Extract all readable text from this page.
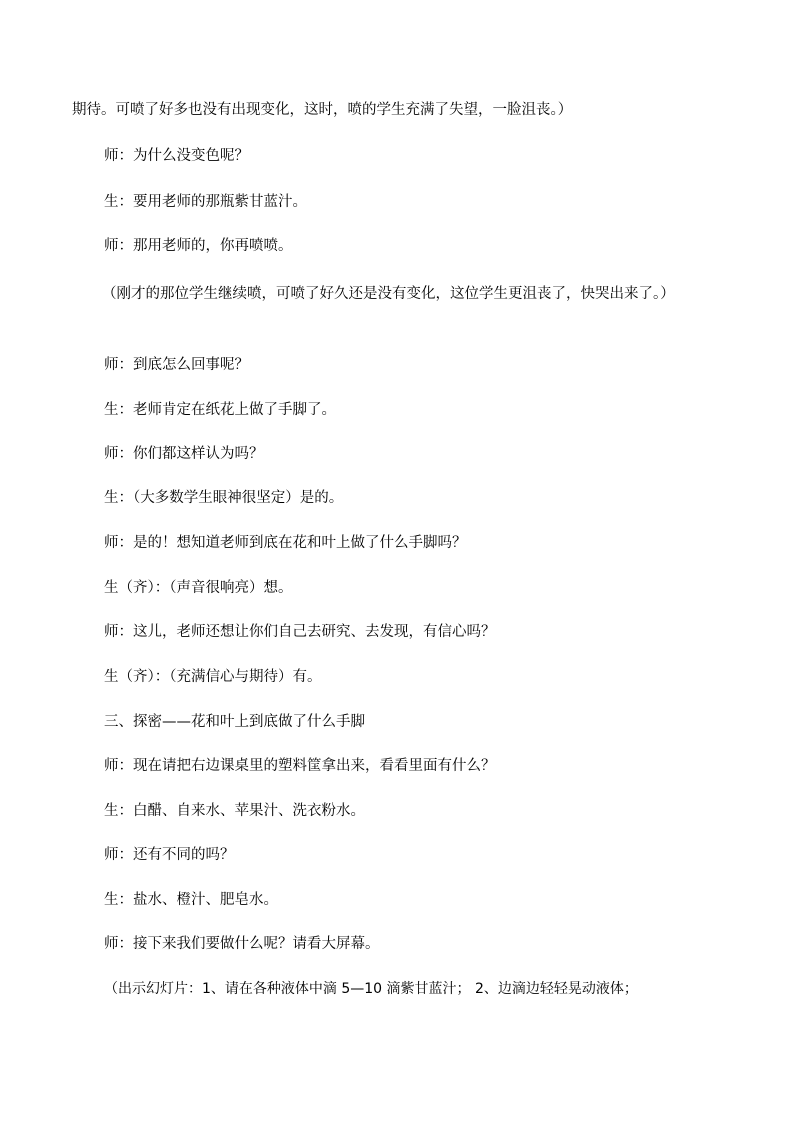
期待。可喷了好多也没有出现变化，这时，喷的学生充满了失望，一脸沮丧。）
师：为什么没变色呢？
生：要用老师的那瓶紫甘蓝汁。
师：那用老师的，你再喷喷。
（刚才的那位学生继续喷，可喷了好久还是没有变化，这位学生更沮丧了，快哭出来了。）
师：到底怎么回事呢？
生：老师肯定在纸花上做了手脚了。
师：你们都这样认为吗？
生：（大多数学生眼神很坚定）是的。
师：是的！想知道老师到底在花和叶上做了什么手脚吗？
生（齐）：（声音很响亮）想。
师：这儿，老师还想让你们自己去研究、去发现，有信心吗？
生（齐）：（充满信心与期待）有。
三、探密——花和叶上到底做了什么手脚
师：现在请把右边课桌里的塑料筐拿出来，看看里面有什么？
生：白醋、自来水、苹果汁、洗衣粉水。
师：还有不同的吗？
生：盐水、橙汁、肥皂水。
师：接下来我们要做什么呢？请看大屏幕。
（出示幻灯片：1、请在各种液体中滴 5—10 滴紫甘蓝汁； 2、边滴边轻轻晃动液体；
